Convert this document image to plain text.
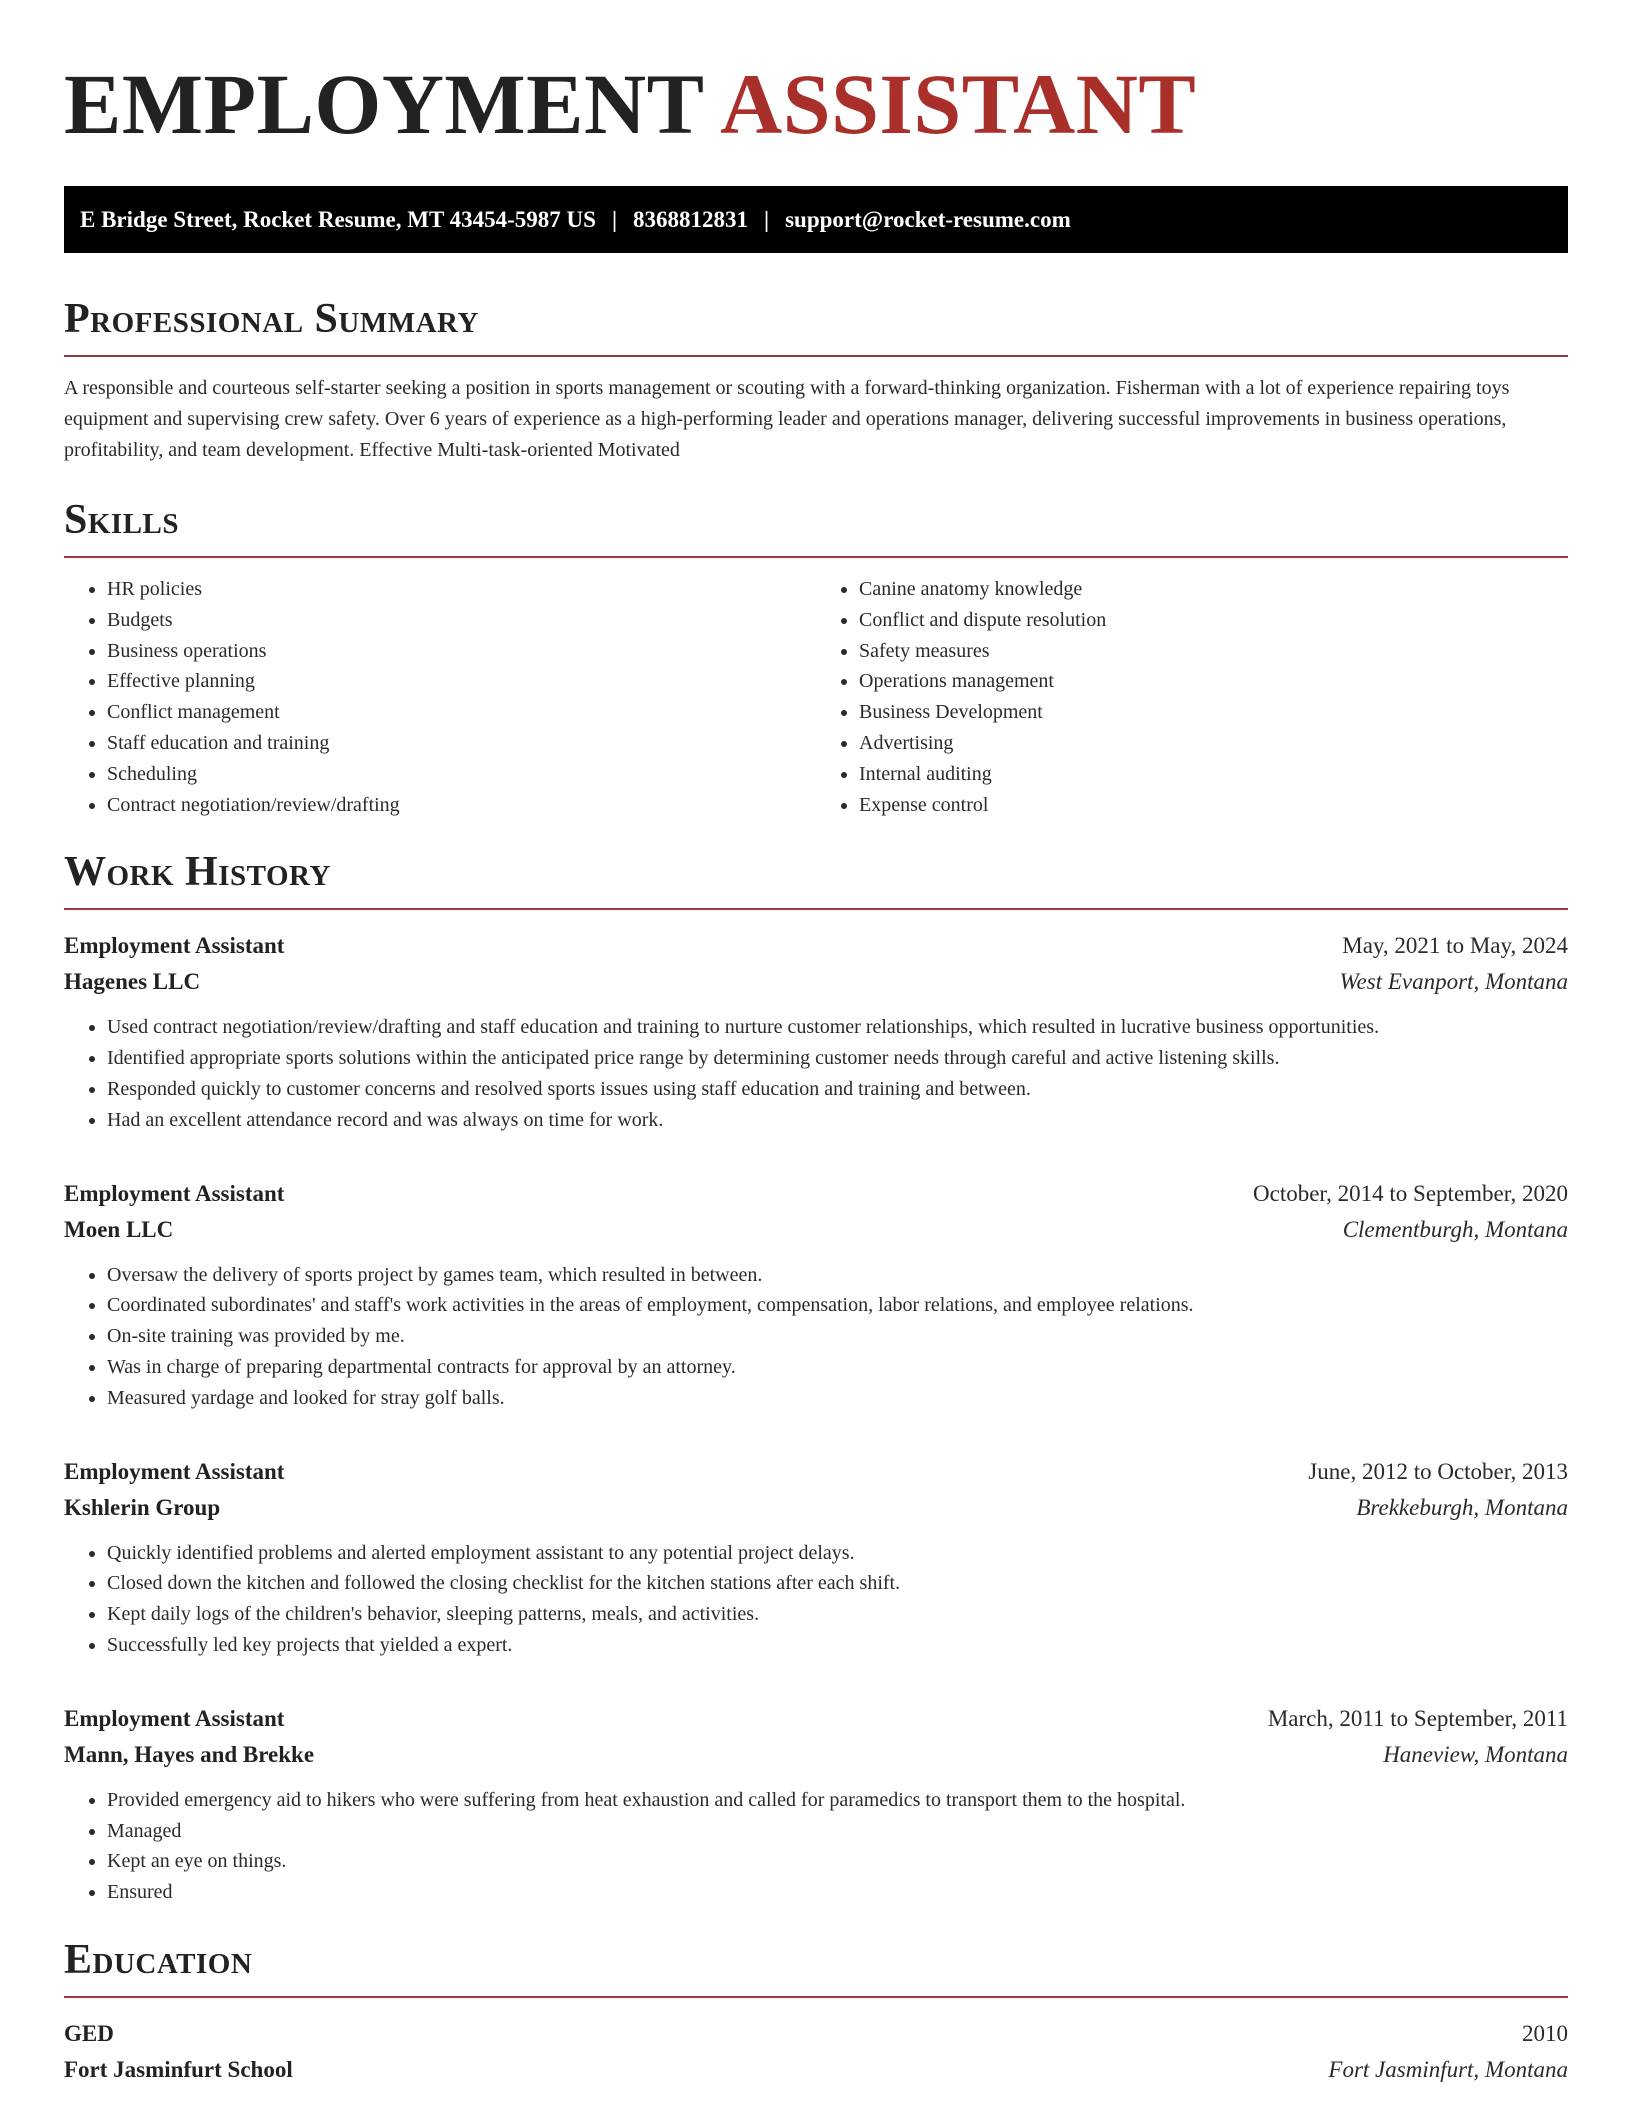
EMPLOYMENT ASSISTANT
E Bridge Street, Rocket Resume, MT 43454-5987 US | 8368812831 | support@rocket-resume.com
Professional Summary

A responsible and courteous self-starter seeking a position in sports management or scouting with a forward-thinking organization. Fisherman with a lot of experience repairing toys equipment and supervising crew safety. Over 6 years of experience as a high-performing leader and operations manager, delivering successful improvements in business operations, profitability, and team development. Effective Multi-task-oriented Motivated

Skills
• HR policies
• Budgets
• Business operations
• Effective planning
• Conflict management
• Staff education and training
• Scheduling
• Contract negotiation/review/drafting
• Canine anatomy knowledge
• Conflict and dispute resolution
• Safety measures
• Operations management
• Business Development
• Advertising
• Internal auditing
• Expense control
Work History
Employment Assistant	May, 2021 to May, 2024
Hagenes LLC	West Evanport, Montana
• Used contract negotiation/review/drafting and staff education and training to nurture customer relationships, which resulted in lucrative business opportunities.
• Identified appropriate sports solutions within the anticipated price range by determining customer needs through careful and active listening skills.
• Responded quickly to customer concerns and resolved sports issues using staff education and training and between.
• Had an excellent attendance record and was always on time for work.
Employment Assistant	October, 2014 to September, 2020
Moen LLC	Clementburgh, Montana
• Oversaw the delivery of sports project by games team, which resulted in between.
• Coordinated subordinates' and staff's work activities in the areas of employment, compensation, labor relations, and employee relations.
• On-site training was provided by me.
• Was in charge of preparing departmental contracts for approval by an attorney.
• Measured yardage and looked for stray golf balls.
Employment Assistant	June, 2012 to October, 2013
Kshlerin Group	Brekkeburgh, Montana
• Quickly identified problems and alerted employment assistant to any potential project delays.
• Closed down the kitchen and followed the closing checklist for the kitchen stations after each shift.
• Kept daily logs of the children's behavior, sleeping patterns, meals, and activities.
• Successfully led key projects that yielded a expert.
Employment Assistant	March, 2011 to September, 2011
Mann, Hayes and Brekke	Haneview, Montana
• Provided emergency aid to hikers who were suffering from heat exhaustion and called for paramedics to transport them to the hospital.
• Managed
• Kept an eye on things.
• Ensured
Education
GED	2010
Fort Jasminfurt School	Fort Jasminfurt, Montana
